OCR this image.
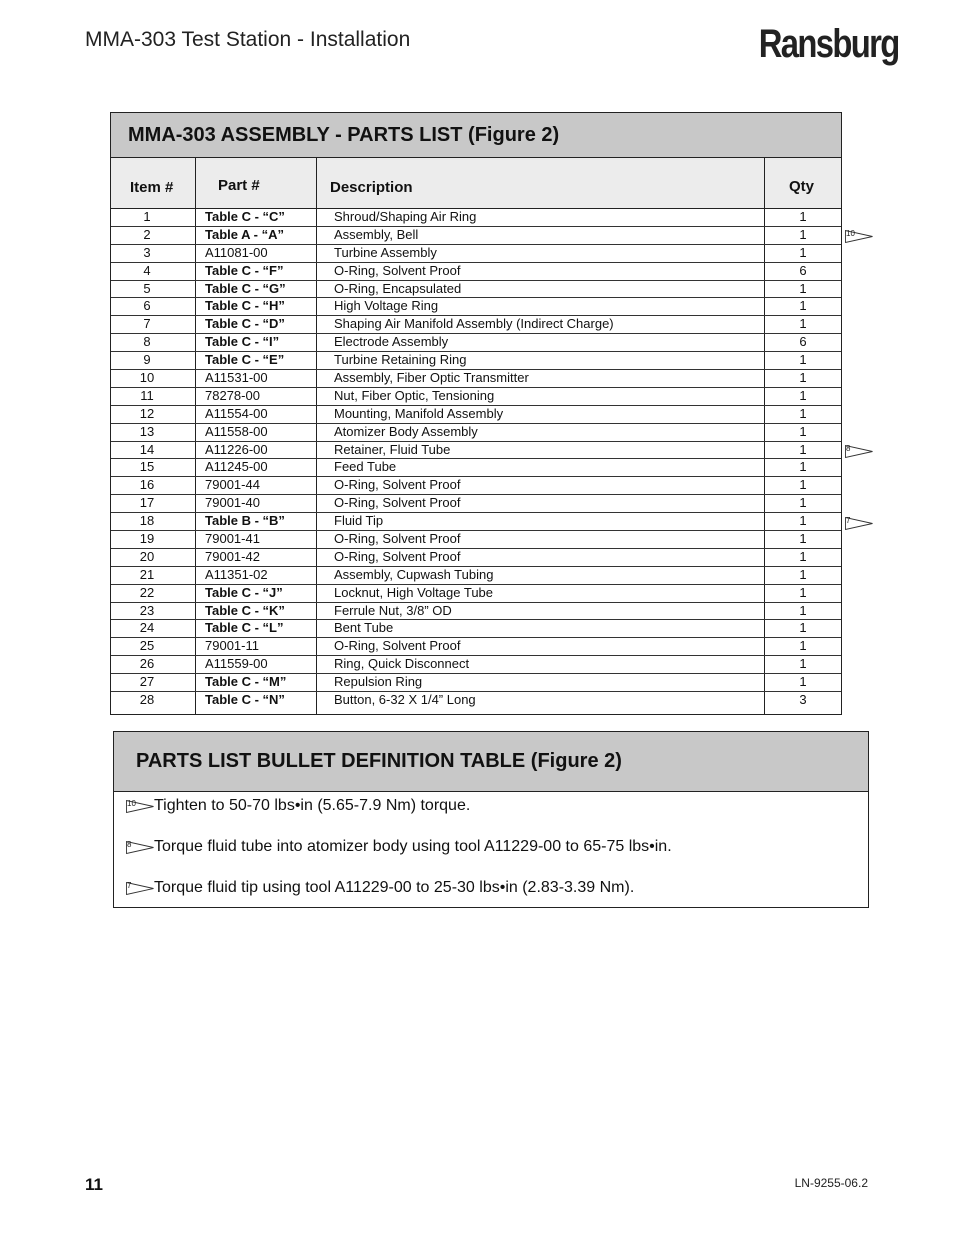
MMA-303 Test Station - Installation	Ransburg
MMA-303 ASSEMBLY - PARTS LIST (Figure 2)
Item #	Part #	Description	Qty
1	Table C - “C”	Shroud/Shaping Air Ring	1
2	Table A - “A”	Assembly, Bell	1
3	A11081-00	Turbine Assembly	1
4	Table C - “F”	O-Ring, Solvent Proof	6
5	Table C - “G”	O-Ring, Encapsulated	1
6	Table C - “H”	High Voltage Ring	1
7	Table C - “D”	Shaping Air Manifold Assembly (Indirect Charge)	1
8	Table C - “I”	Electrode Assembly	6
9	Table C - “E”	Turbine Retaining Ring	1
10	A11531-00	Assembly, Fiber Optic Transmitter	1
11	78278-00	Nut, Fiber Optic, Tensioning	1
12	A11554-00	Mounting, Manifold Assembly	1
13	A11558-00	Atomizer Body Assembly	1
14	A11226-00	Retainer, Fluid Tube	1
15	A11245-00	Feed Tube	1
16	79001-44	O-Ring, Solvent Proof	1
17	79001-40	O-Ring, Solvent Proof	1
18	Table B - “B”	Fluid Tip	1
19	79001-41	O-Ring, Solvent Proof	1
20	79001-42	O-Ring, Solvent Proof	1
21	A11351-02	Assembly, Cupwash Tubing	1
22	Table C - “J”	Locknut, High Voltage Tube	1
23	Table C - “K”	Ferrule Nut, 3/8” OD	1
24	Table C - “L”	Bent Tube	1
25	79001-11	O-Ring, Solvent Proof	1
26	A11559-00	Ring, Quick Disconnect	1
27	Table C - “M”	Repulsion Ring	1
28	Table C - “N”	Button, 6-32 X 1/4” Long	3
10
8
7
PARTS LIST BULLET DEFINITION TABLE (Figure 2)
10 Tighten to 50-70 lbs•in (5.65-7.9 Nm) torque.
8 Torque fluid tube into atomizer body using tool A11229-00 to 65-75 lbs•in.
7 Torque fluid tip using tool A11229-00 to 25-30 lbs•in (2.83-3.39 Nm).
11	LN-9255-06.2
